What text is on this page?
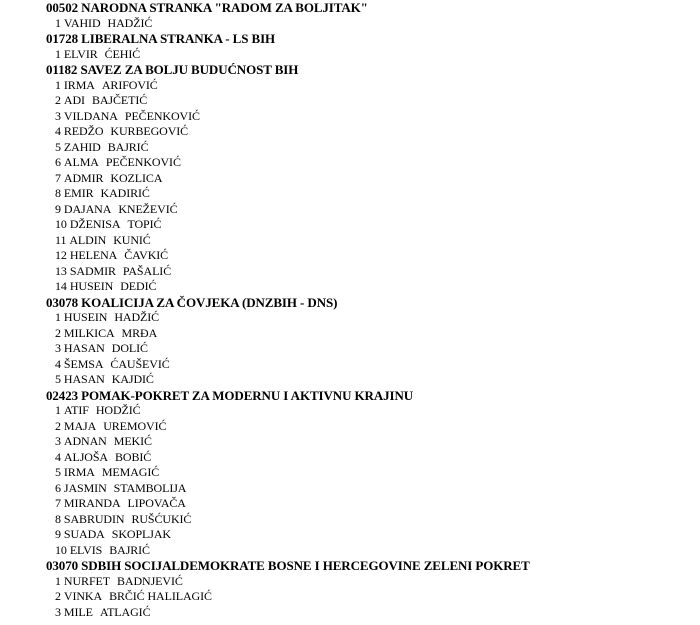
00502 NARODNA STRANKA "RADOM ZA BOLJITAK"
1 VAHID HADŽIĆ
01728 LIBERALNA STRANKA - LS BIH
1 ELVIR ĆEHIĆ
01182 SAVEZ ZA BOLJU BUDUĆNOST BIH
1 IRMA ARIFOVIĆ
2 ADI BAJČETIĆ
3 VILDANA PEČENKOVIĆ
4 REDŽO KURBEGOVIĆ
5 ZAHID BAJRIĆ
6 ALMA PEČENKOVIĆ
7 ADMIR KOZLICA
8 EMIR KADIRIĆ
9 DAJANA KNEŽEVIĆ
10 DŽENISA TOPIĆ
11 ALDIN KUNIĆ
12 HELENA ČAVKIĆ
13 SADMIR PAŠALIĆ
14 HUSEIN DEDIĆ
03078 KOALICIJA ZA ČOVJEKA (DNZBIH - DNS)
1 HUSEIN HADŽIĆ
2 MILKICA MRĐA
3 HASAN DOLIĆ
4 ŠEMSA ĆAUŠEVIĆ
5 HASAN KAJDIĆ
02423 POMAK-POKRET ZA MODERNU I AKTIVNU KRAJINU
1 ATIF HODŽIĆ
2 MAJA UREMOVIĆ
3 ADNAN MEKIĆ
4 ALJOŠA BOBIĆ
5 IRMA MEMAGIĆ
6 JASMIN STAMBOLIJA
7 MIRANDA LIPOVAČA
8 SABRUDIN RUŠĆUKIĆ
9 SUADA SKOPLJAK
10 ELVIS BAJRIĆ
03070 SDBIH SOCIJALDEMOKRATE BOSNE I HERCEGOVINE ZELENI POKRET
1 NURFET BADNJEVIĆ
2 VINKA BRČIĆ HALILAGIĆ
3 MILE ATLAGIĆ
